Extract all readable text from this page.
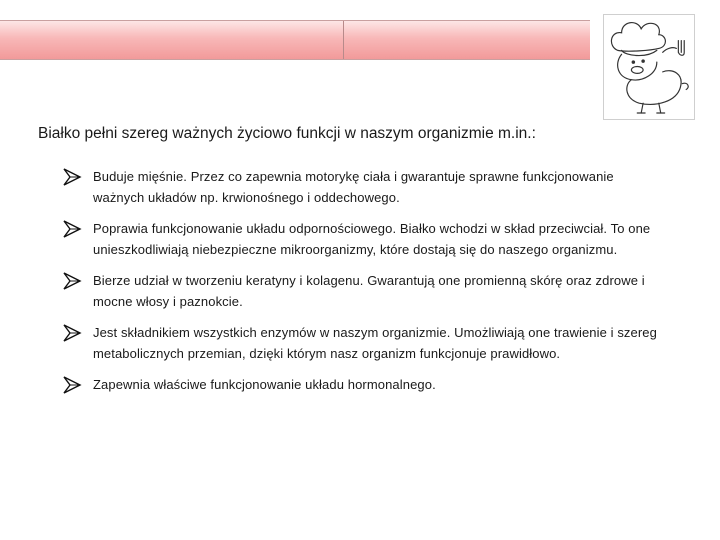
Białko pełni szereg ważnych życiowo funkcji w naszym organizmie m.in.:
Buduje mięśnie. Przez co zapewnia motorykę ciała i gwarantuje sprawne funkcjonowanie ważnych układów np. krwionośnego i oddechowego.
Poprawia funkcjonowanie układu odpornościowego. Białko wchodzi w skład przeciwciał. To one unieszkodliwiają niebezpieczne mikroorganizmy, które dostają się do naszego organizmu.
Bierze udział w tworzeniu keratyny i kolagenu. Gwarantują one promienną skórę oraz zdrowe i mocne włosy i paznokcie.
Jest składnikiem wszystkich enzymów w naszym organizmie. Umożliwiają one trawienie i szereg metabolicznych przemian, dzięki którym nasz organizm funkcjonuje prawidłowo.
Zapewnia właściwe funkcjonowanie układu hormonalnego.
